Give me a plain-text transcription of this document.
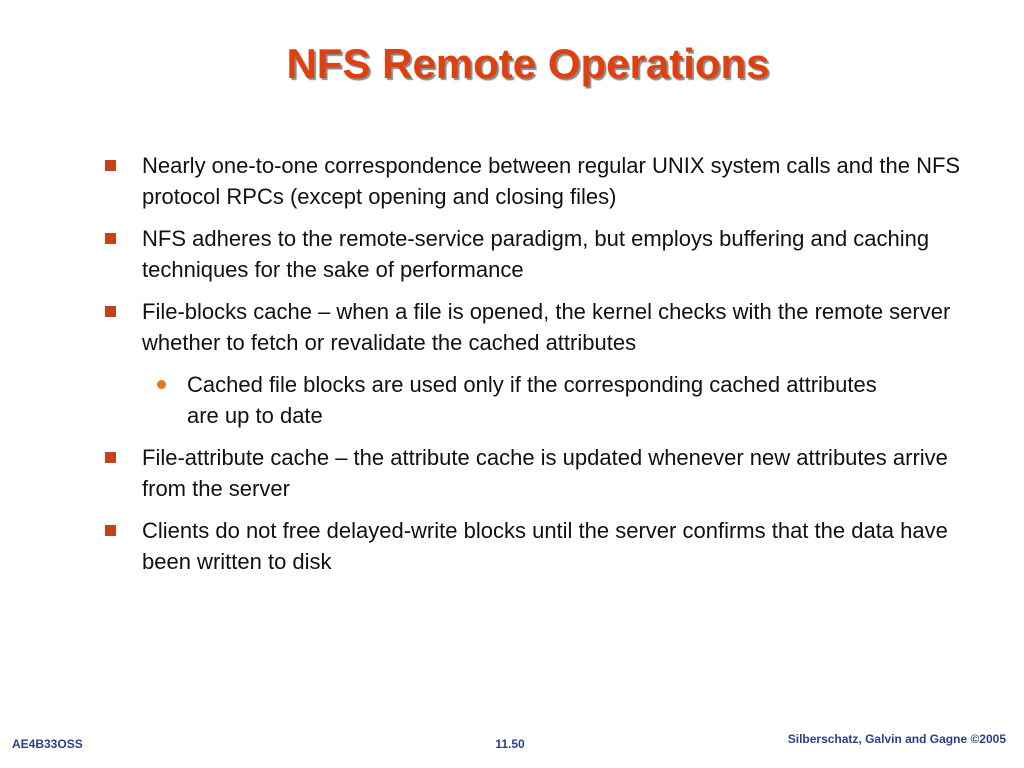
NFS Remote Operations
Nearly one-to-one correspondence between regular UNIX system calls and the NFS protocol RPCs (except opening and closing files)
NFS adheres to the remote-service paradigm, but employs buffering and caching techniques for the sake of performance
File-blocks cache – when a file is opened, the kernel checks with the remote server whether to fetch or revalidate the cached attributes
Cached file blocks are used only if the corresponding cached attributes are up to date
File-attribute cache – the attribute cache is updated whenever new attributes arrive from the server
Clients do not free delayed-write blocks until the server confirms that the data have been written to disk
AE4B33OSS	11.50	Silberschatz, Galvin and Gagne ©2005
